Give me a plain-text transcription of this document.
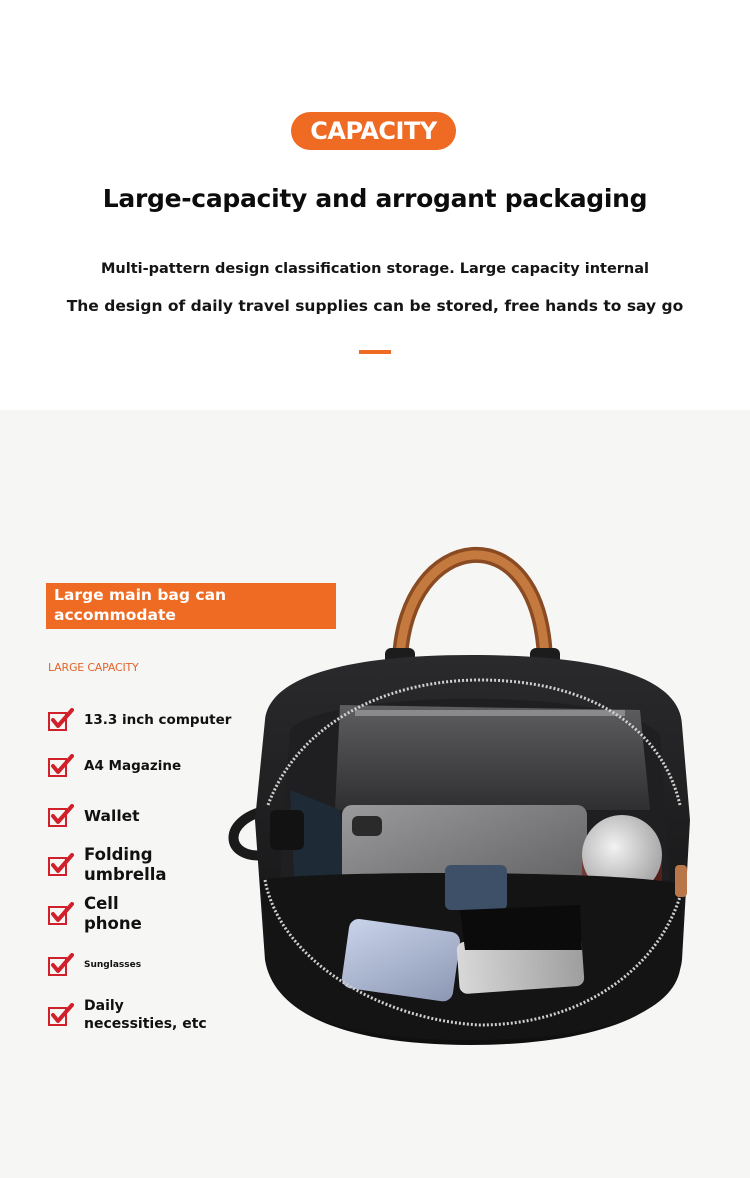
CAPACITY
Large-capacity and arrogant packaging
Multi-pattern design classification storage. Large capacity internal
The design of daily travel supplies can be stored, free hands to say go
Large main bag can
accommodate
LARGE CAPACITY
13.3 inch computer
A4 Magazine
Wallet
Folding
umbrella
Cell
phone
Sunglasses
Daily
necessities, etc
